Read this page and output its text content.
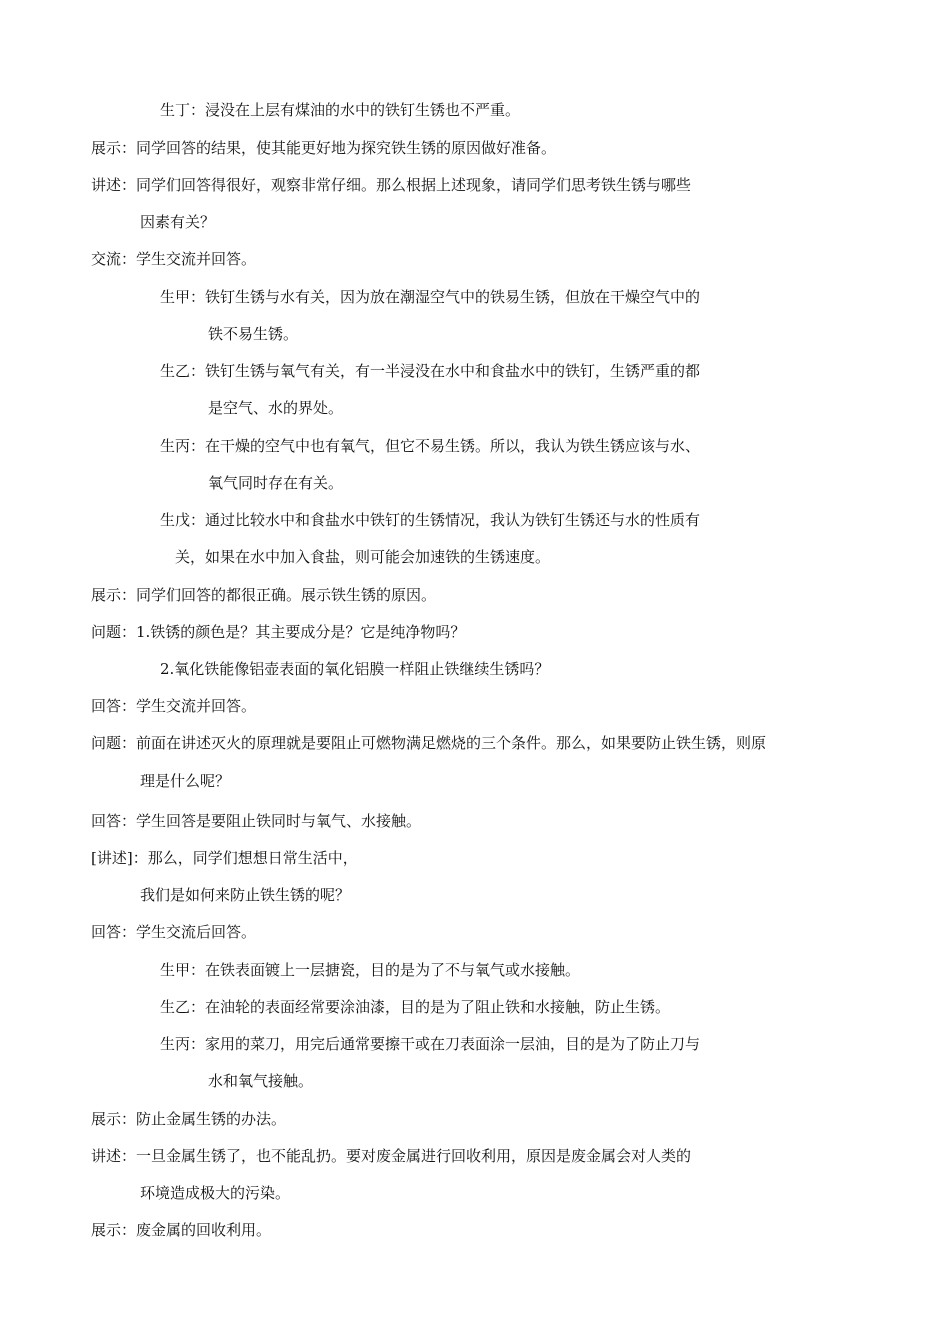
生丁：浸没在上层有煤油的水中的铁钉生锈也不严重。
展示：同学回答的结果，使其能更好地为探究铁生锈的原因做好准备。
讲述：同学们回答得很好，观察非常仔细。那么根据上述现象，请同学们思考铁生锈与哪些
因素有关？
交流：学生交流并回答。
生甲：铁钉生锈与水有关，因为放在潮湿空气中的铁易生锈，但放在干燥空气中的
铁不易生锈。
生乙：铁钉生锈与氧气有关，有一半浸没在水中和食盐水中的铁钉，生锈严重的都
是空气、水的界处。
生丙：在干燥的空气中也有氧气，但它不易生锈。所以，我认为铁生锈应该与水、
氧气同时存在有关。
生戊：通过比较水中和食盐水中铁钉的生锈情况，我认为铁钉生锈还与水的性质有
关，如果在水中加入食盐，则可能会加速铁的生锈速度。
展示：同学们回答的都很正确。展示铁生锈的原因。
问题：1.铁锈的颜色是？其主要成分是？它是纯净物吗？
2.氧化铁能像铝壶表面的氧化铝膜一样阻止铁继续生锈吗？
回答：学生交流并回答。
问题：前面在讲述灭火的原理就是要阻止可燃物满足燃烧的三个条件。那么，如果要防止铁生锈，则原
理是什么呢？
回答：学生回答是要阻止铁同时与氧气、水接触。
[讲述]：那么，同学们想想日常生活中，
我们是如何来防止铁生锈的呢？
回答：学生交流后回答。
生甲：在铁表面镀上一层搪瓷，目的是为了不与氧气或水接触。
生乙：在油轮的表面经常要涂油漆，目的是为了阻止铁和水接触，防止生锈。
生丙：家用的菜刀，用完后通常要擦干或在刀表面涂一层油，目的是为了防止刀与
水和氧气接触。
展示：防止金属生锈的办法。
讲述：一旦金属生锈了，也不能乱扔。要对废金属进行回收利用，原因是废金属会对人类的
环境造成极大的污染。
展示：废金属的回收利用。
